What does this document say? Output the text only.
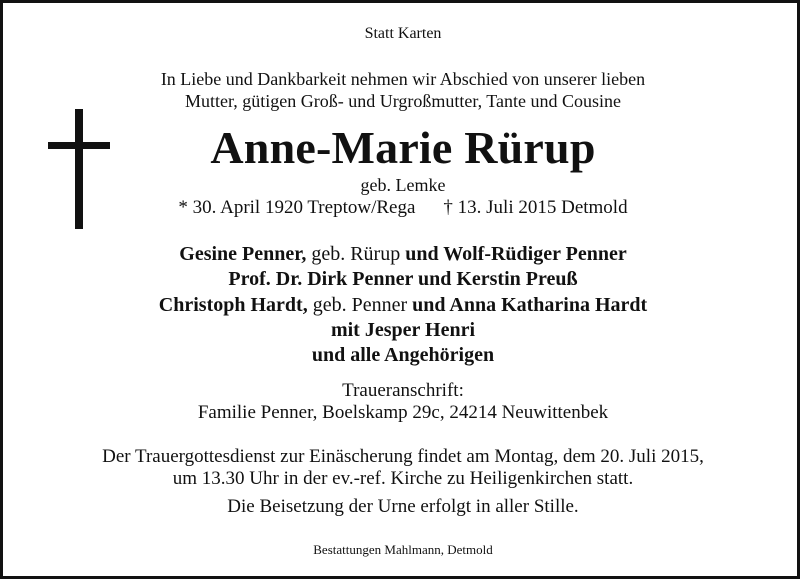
Statt Karten
In Liebe und Dankbarkeit nehmen wir Abschied von unserer lieben
Mutter, gütigen Groß- und Urgroßmutter, Tante und Cousine
Anne-Marie Rürup
geb. Lemke
* 30. April 1920 Treptow/Rega † 13. Juli 2015 Detmold
Gesine Penner, geb. Rürup und Wolf-Rüdiger Penner
Prof. Dr. Dirk Penner und Kerstin Preuß
Christoph Hardt, geb. Penner und Anna Katharina Hardt
mit Jesper Henri
und alle Angehörigen
Traueranschrift:
Familie Penner, Boelskamp 29c, 24214 Neuwittenbek
Der Trauergottesdienst zur Einäscherung findet am Montag, dem 20. Juli 2015,
um 13.30 Uhr in der ev.-ref. Kirche zu Heiligenkirchen statt.
Die Beisetzung der Urne erfolgt in aller Stille.
Bestattungen Mahlmann, Detmold
